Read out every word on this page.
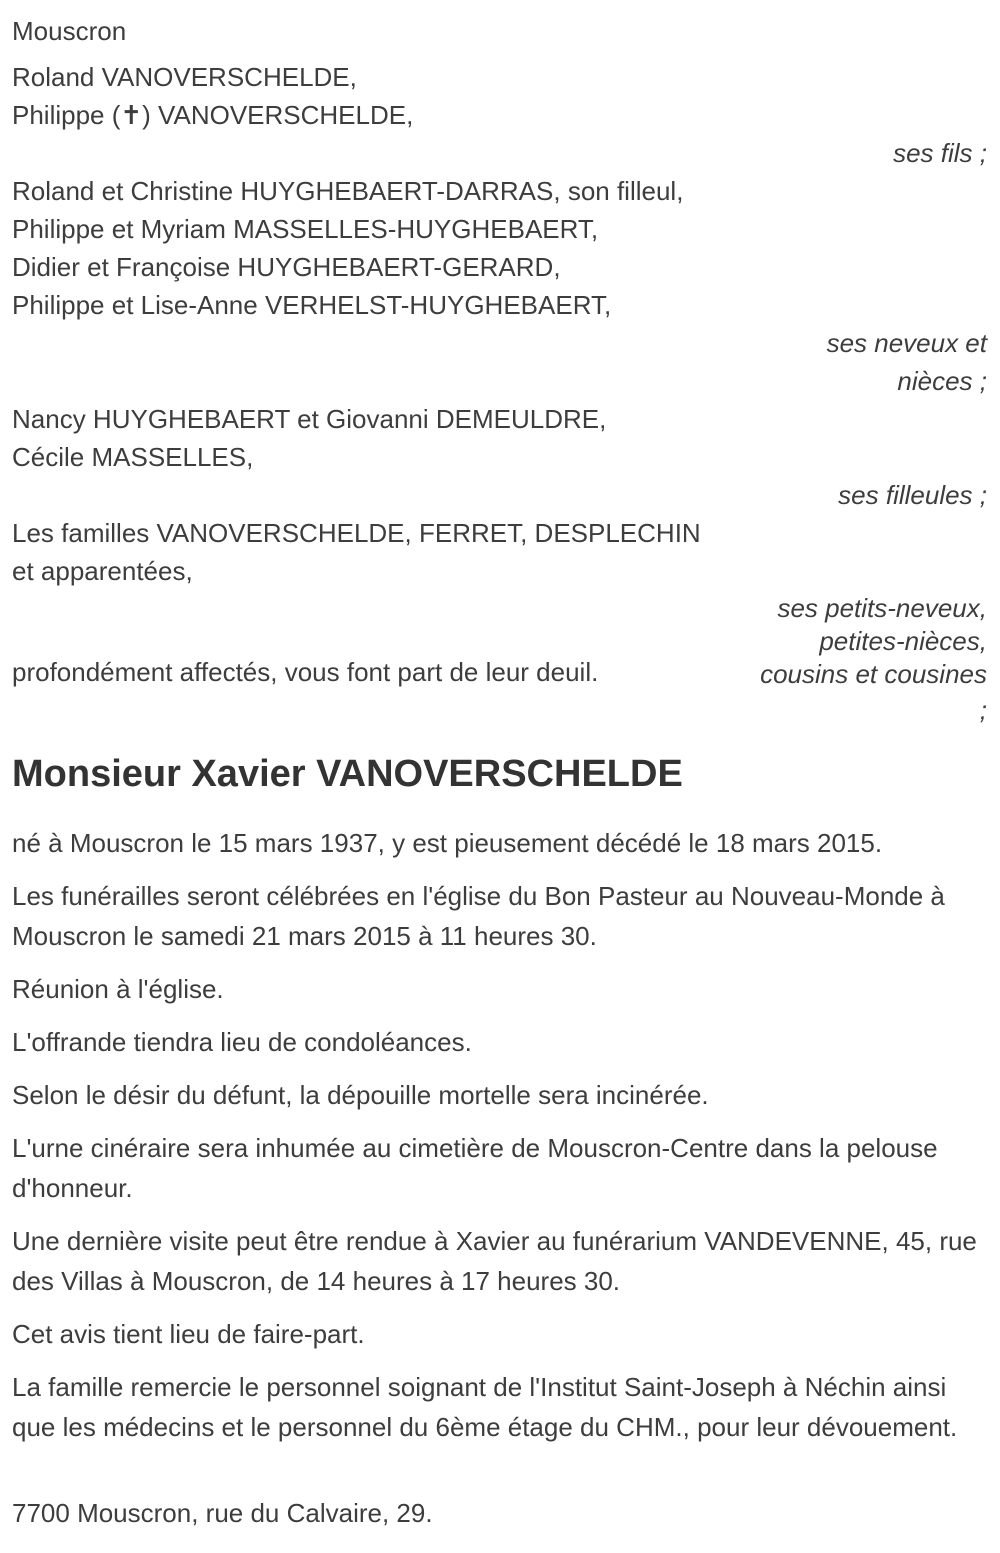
Mouscron
Roland VANOVERSCHELDE,
Philippe (✝) VANOVERSCHELDE,
ses fils ;
Roland et Christine HUYGHEBAERT-DARRAS, son filleul,
Philippe et Myriam MASSELLES-HUYGHEBAERT,
Didier et Françoise HUYGHEBAERT-GERARD,
Philippe et Lise-Anne VERHELST-HUYGHEBAERT,
ses neveux et
nièces ;
Nancy HUYGHEBAERT et Giovanni DEMEULDRE,
Cécile MASSELLES,
ses filleules ;
Les familles VANOVERSCHELDE, FERRET, DESPLECHIN
et apparentées,
ses petits-neveux,
petites-nièces,
cousins et cousines
profondément affectés, vous font part de leur deuil.
;
Monsieur Xavier VANOVERSCHELDE

né à Mouscron le 15 mars 1937, y est pieusement décédé le 18 mars 2015.

Les funérailles seront célébrées en l'église du Bon Pasteur au Nouveau-Monde à Mouscron le samedi 21 mars 2015 à 11 heures 30.

Réunion à l'église.

L'offrande tiendra lieu de condoléances.

Selon le désir du défunt, la dépouille mortelle sera incinérée.

L'urne cinéraire sera inhumée au cimetière de Mouscron-Centre dans la pelouse d'honneur.

Une dernière visite peut être rendue à Xavier au funérarium VANDEVENNE, 45, rue des Villas à Mouscron, de 14 heures à 17 heures 30.

Cet avis tient lieu de faire-part.

La famille remercie le personnel soignant de l'Institut Saint-Joseph à Néchin ainsi que les médecins et le personnel du 6ème étage du CHM., pour leur dévouement.

7700 Mouscron, rue du Calvaire, 29.
